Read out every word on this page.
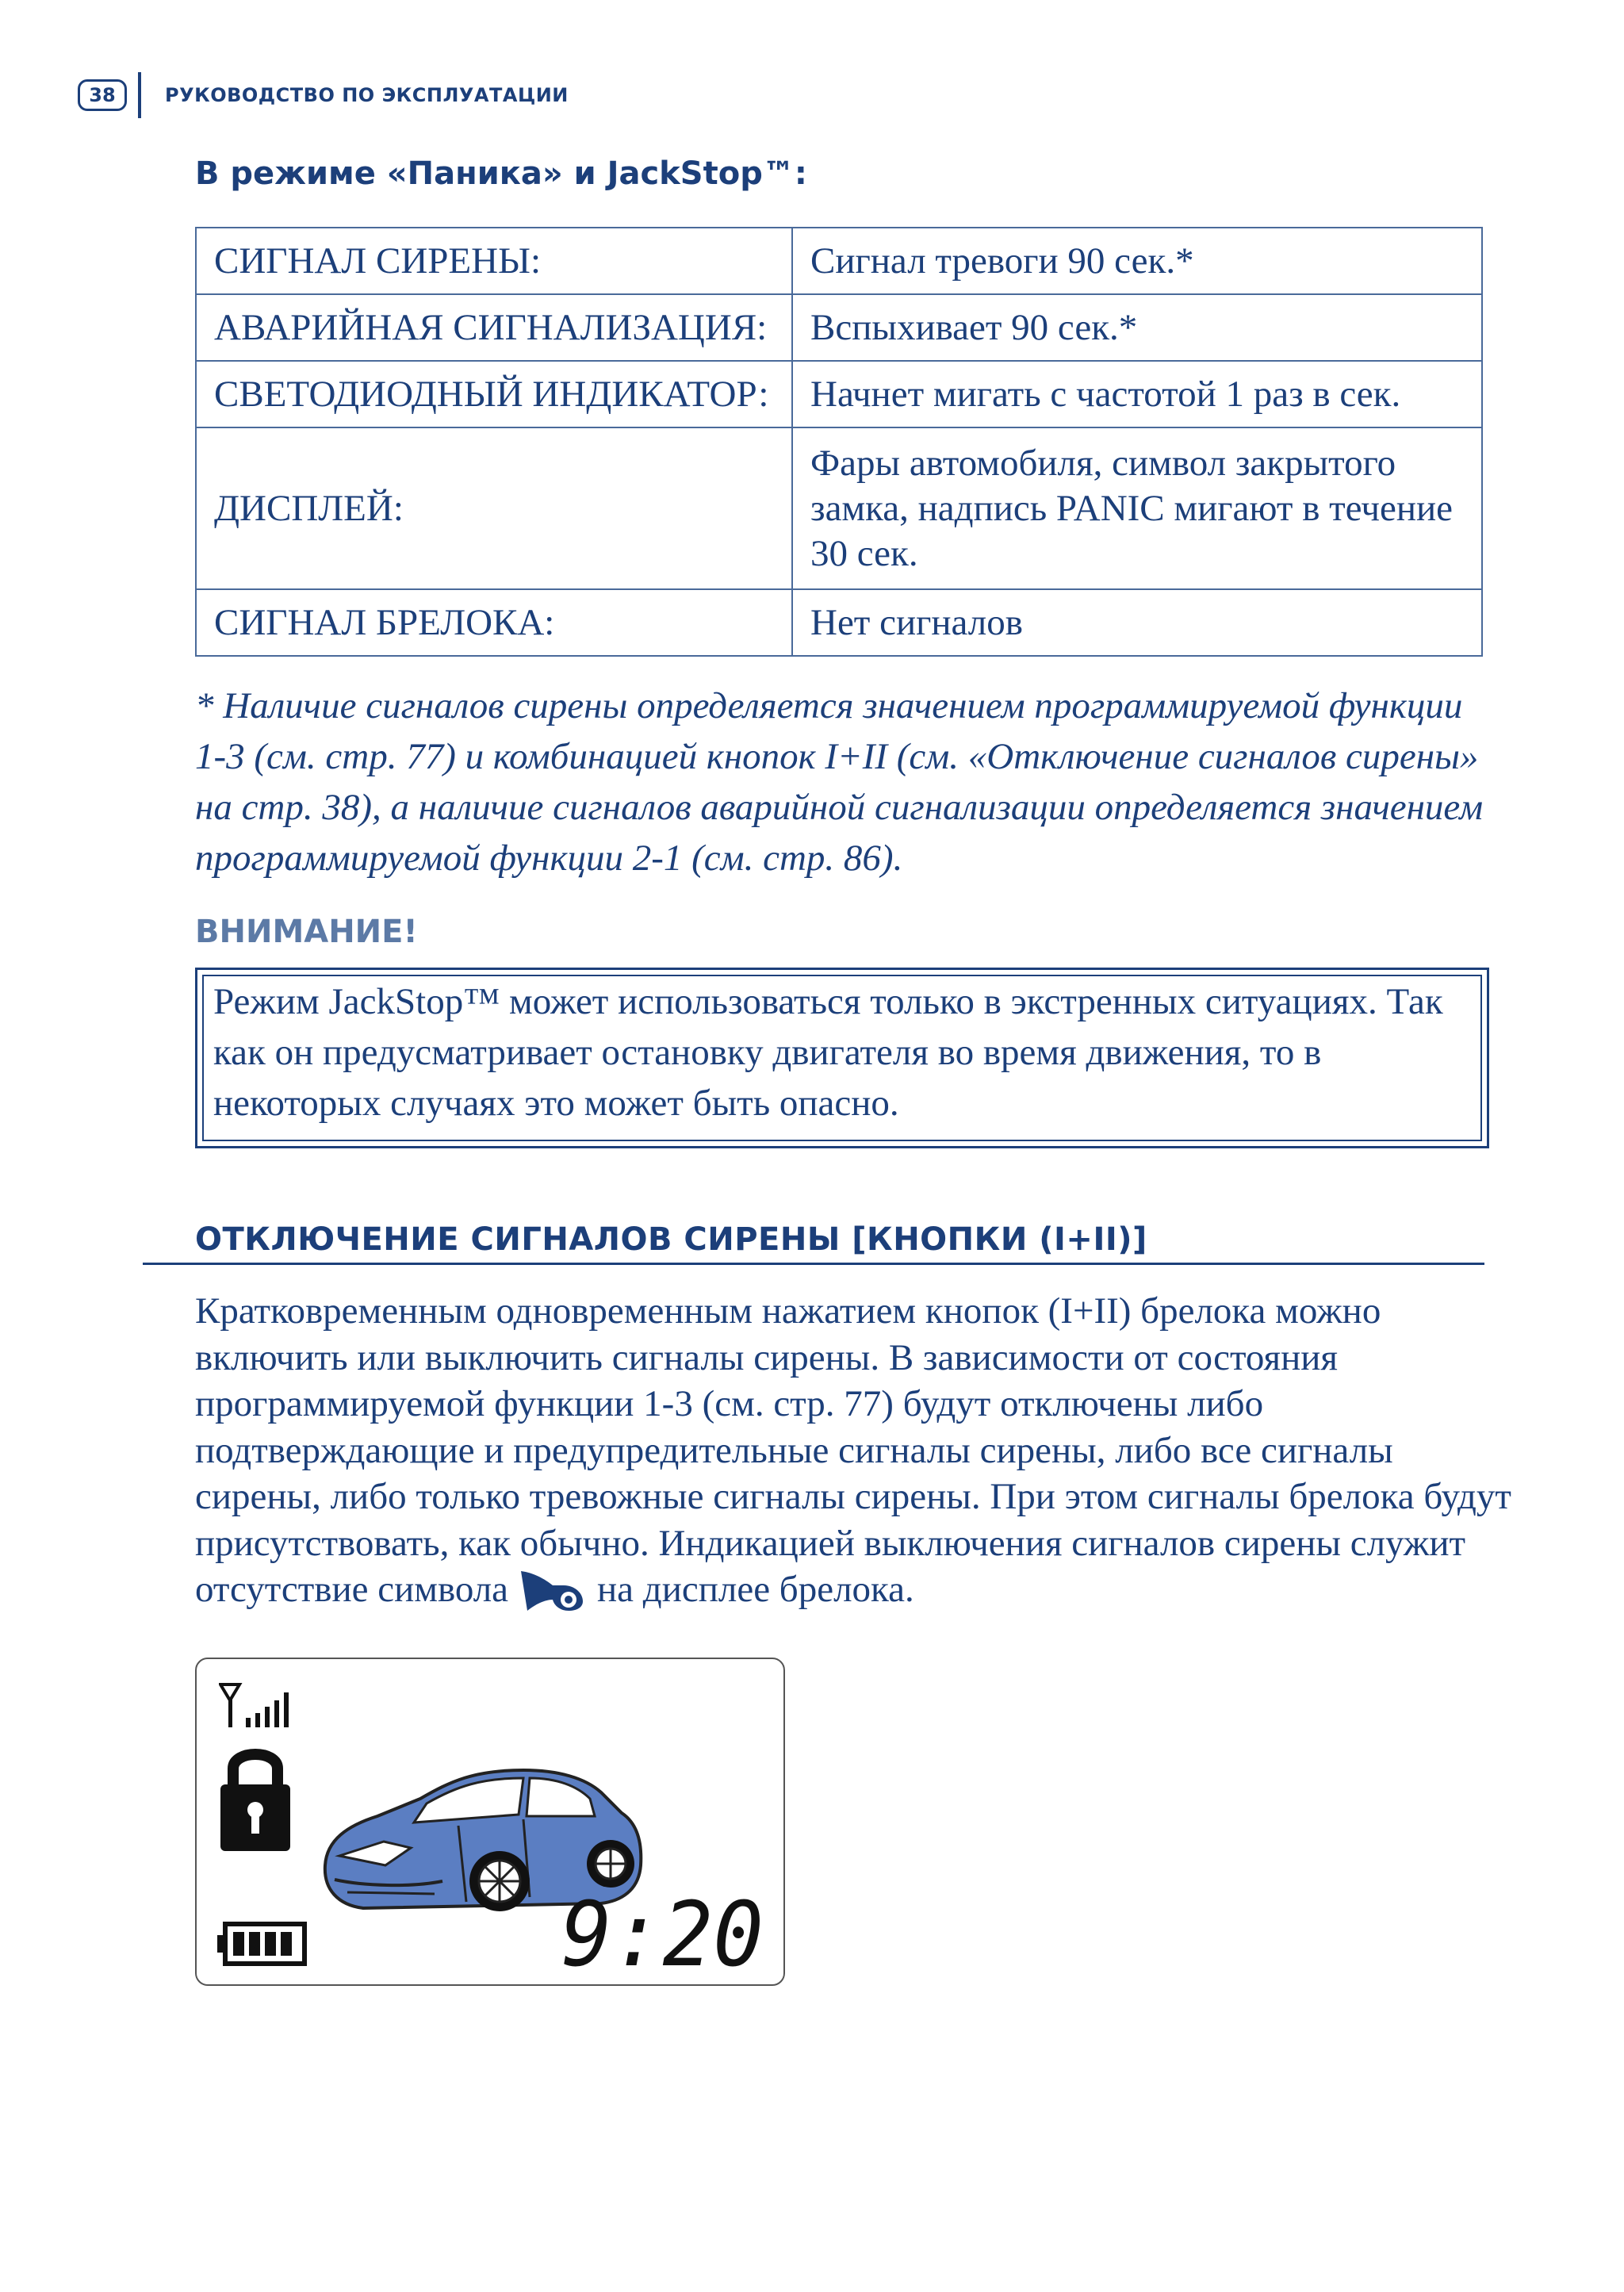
38	РУКОВОДСТВО ПО ЭКСПЛУАТАЦИИ
В режиме «Паника» и JackStop™:
СИГНАЛ СИРЕНЫ:	Сигнал тревоги 90 сек.*
АВАРИЙНАЯ СИГНАЛИЗАЦИЯ:	Вспыхивает 90 сек.*
СВЕТОДИОДНЫЙ ИНДИКАТОР:	Начнет мигать с частотой 1 раз в сек.
ДИСПЛЕЙ:	Фары автомобиля, символ закрытого замка, надпись PANIC мигают в течение 30 сек.
СИГНАЛ БРЕЛОКА:	Нет сигналов
* Наличие сигналов сирены определяется значением программируемой функции 1-3 (см. стр. 77) и комбинацией кнопок I+II (см. «Отключение сигналов сирены» на стр. 38), а наличие сигналов аварийной сигнализации определяется значением программируемой функции 2-1 (см. стр. 86).
ВНИМАНИЕ!
Режим JackStop™ может использоваться только в экстренных ситуациях. Так как он предусматривает остановку двигателя во время движения, то в некоторых случаях это может быть опасно.
ОТКЛЮЧЕНИЕ СИГНАЛОВ СИРЕНЫ [КНОПКИ (I+II)]
Кратковременным одновременным нажатием кнопок (I+II) брелока можно включить или выключить сигналы сирены. В зависимости от состояния программируемой функции 1-3 (см. стр. 77) будут отключены либо подтверждающие и предупредительные сигналы сирены, либо все сигналы сирены, либо только тревожные сигналы сирены. При этом сигналы брелока будут присутствовать, как обычно. Индикацией выключения сигналов сирены служит отсутствие символа на дисплее брелока.
9:20
